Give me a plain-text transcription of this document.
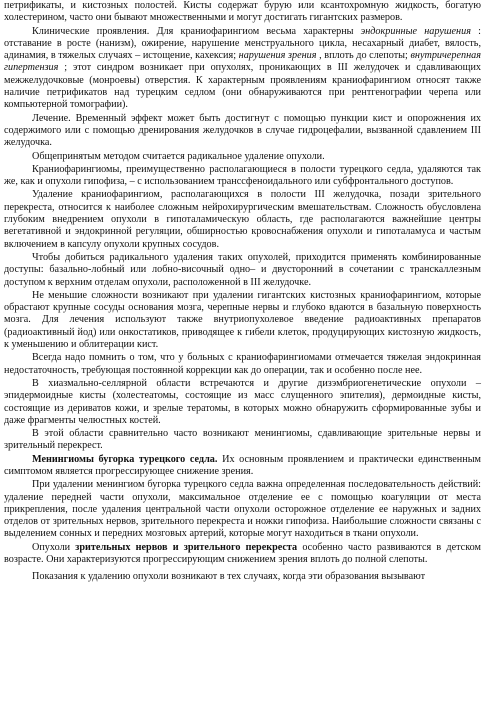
петрификаты, и кистозных полостей. Кисты содержат бурую или ксантохромную жидкость, богатую холестерином, часто они бывают множественными и могут достигать гигантских размеров.

Клинические проявления. Для краниофарингиом весьма характерны эндокринные нарушения : отставание в росте (нанизм), ожирение, нарушение менструального цикла, несахарный диабет, вялость, адинамия, в тяжелых случаях – истощение, кахексия; нарушения зрения , вплоть до слепоты; внутричерепная гипертензия ; этот синдром возникает при опухолях, проникающих в III желудочек и сдавливающих межжелудочковые (монроевы) отверстия. К характерным проявлениям краниофарингиом относят также наличие петрификатов над турецким седлом (они обнаруживаются при рентгенографии черепа или компьютерной томографии).

Лечение. Временный эффект может быть достигнут с помощью пункции кист и опорожнения их содержимого или с помощью дренирования желудочков в случае гидроцефалии, вызванной сдавлением III желудочка.

Общепринятым методом считается радикальное удаление опухоли.

Краниофарингиомы, преимущественно располагающиеся в полости турецкого седла, удаляются так же, как и опухоли гипофиза, – с использованием транссфеноидального или субфронтального доступов.

Удаление краниофарингиом, располагающихся в полости III желудочка, позади зрительного перекреста, относится к наиболее сложным нейрохирургическим вмешательствам. Сложность обусловлена глубоким внедрением опухоли в гипоталамическую область, где располагаются важнейшие центры вегетативной и эндокринной регуляции, обширностью кровоснабжения опухоли и гипоталамуса и частым включением в капсулу опухоли крупных сосудов.

Чтобы добиться радикального удаления таких опухолей, приходится применять комбинированные доступы: базально-лобный или лобно-височный одно– и двусторонний в сочетании с транскаллезным доступом к верхним отделам опухоли, расположенной в III желудочке.

Не меньшие сложности возникают при удалении гигантских кистозных краниофарингиом, которые обрастают крупные сосуды основания мозга, черепные нервы и глубоко вдаются в базальную поверхность мозга. Для лечения используют также внутриопухолевое введение радиоактивных препаратов (радиоактивный йод) или онкостатиков, приводящее к гибели клеток, продуцирующих кистозную жидкость, к уменьшению и облитерации кист.

Всегда надо помнить о том, что у больных с краниофарингиомами отмечается тяжелая эндокринная недостаточность, требующая постоянной коррекции как до операции, так и особенно после нее.

В хиазмально-селлярной области встречаются и другие дизэмбриогенетические опухоли – эпидермоидные кисты (холестеатомы, состоящие из масс слущенного эпителия), дермоидные кисты, состоящие из дериватов кожи, и зрелые тератомы, в которых можно обнаружить сформированные зубы и даже фрагменты челюстных костей.

В этой области сравнительно часто возникают менингиомы, сдавливающие зрительные нервы и зрительный перекрест.

Менингиомы бугорка турецкого седла. Их основным проявлением и практически единственным симптомом является прогрессирующее снижение зрения.

При удалении менингиом бугорка турецкого седла важна определенная последовательность действий: удаление передней части опухоли, максимальное отделение ее с помощью коагуляции от места прикрепления, после удаления центральной части опухоли осторожное отделение ее наружных и задних отделов от зрительных нервов, зрительного перекреста и ножки гипофиза. Наибольшие сложности связаны с выделением сонных и передних мозговых артерий, которые могут находиться в ткани опухоли.

Опухоли зрительных нервов и зрительного перекреста особенно часто развиваются в детском возрасте. Они характеризуются прогрессирующим снижением зрения вплоть до полной слепоты.

Показания к удалению опухоли возникают в тех случаях, когда эти образования вызывают
